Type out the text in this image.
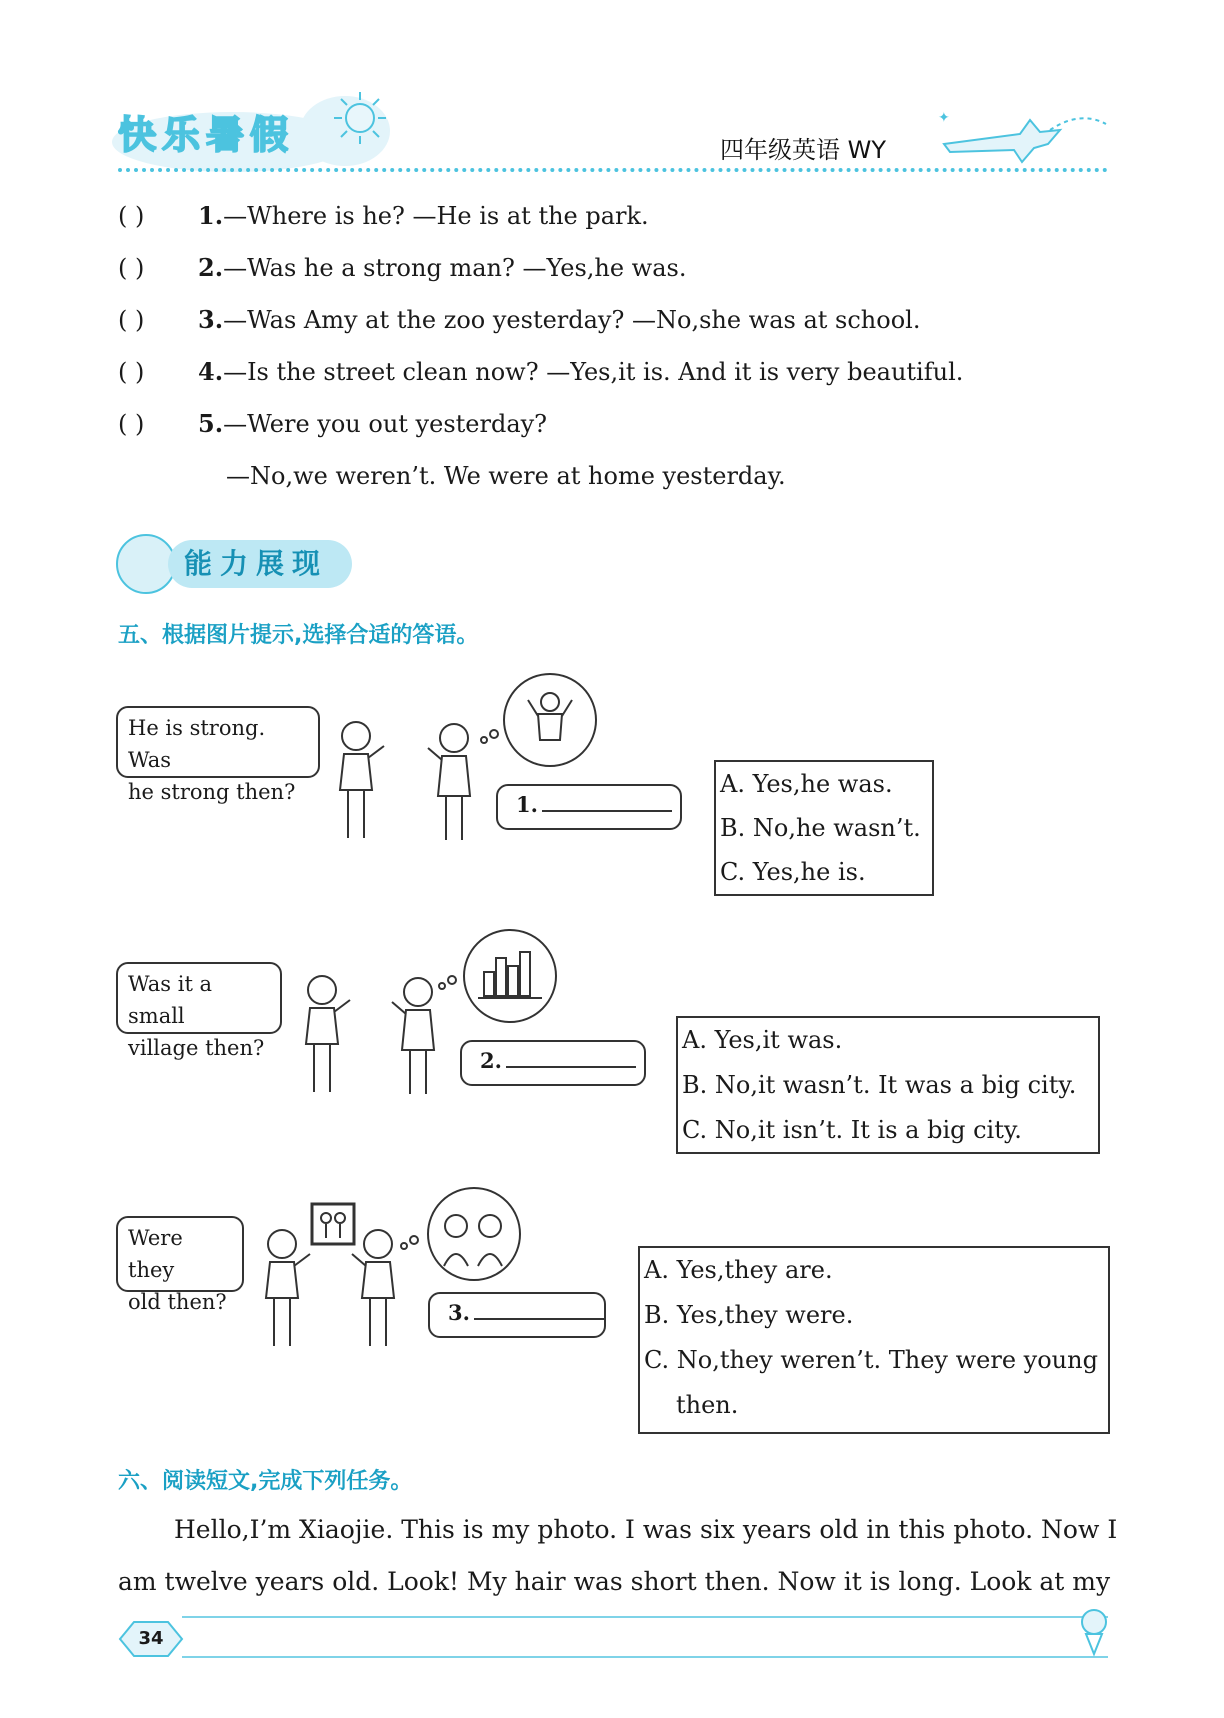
快乐暑假	四年级英语 WY
✦
( ) 1.—Where is he? —He is at the park.
( ) 2.—Was he a strong man? —Yes,he was.
( ) 3.—Was Amy at the zoo yesterday? —No,she was at school.
( ) 4.—Is the street clean now? —Yes,it is. And it is very beautiful.
( ) 5.—Were you out yesterday?
—No,we weren’t. We were at home yesterday.
能力展现
五、根据图片提示,选择合适的答语。
He is strong. Was
he strong then?	1.
A. Yes,he was.
B. No,he wasn’t.
C. Yes,he is.
Was it a small
village then?	2.
A. Yes,it was.
B. No,it wasn’t. It was a big city.
C. No,it isn’t. It is a big city.
Were they
old then?	3.
A. Yes,they are.
B. Yes,they were.
C. No,they weren’t. They were young
then.
六、阅读短文,完成下列任务。
Hello,I’m Xiaojie. This is my photo. I was six years old in this photo. Now I
am twelve years old. Look! My hair was short then. Now it is long. Look at my
34
